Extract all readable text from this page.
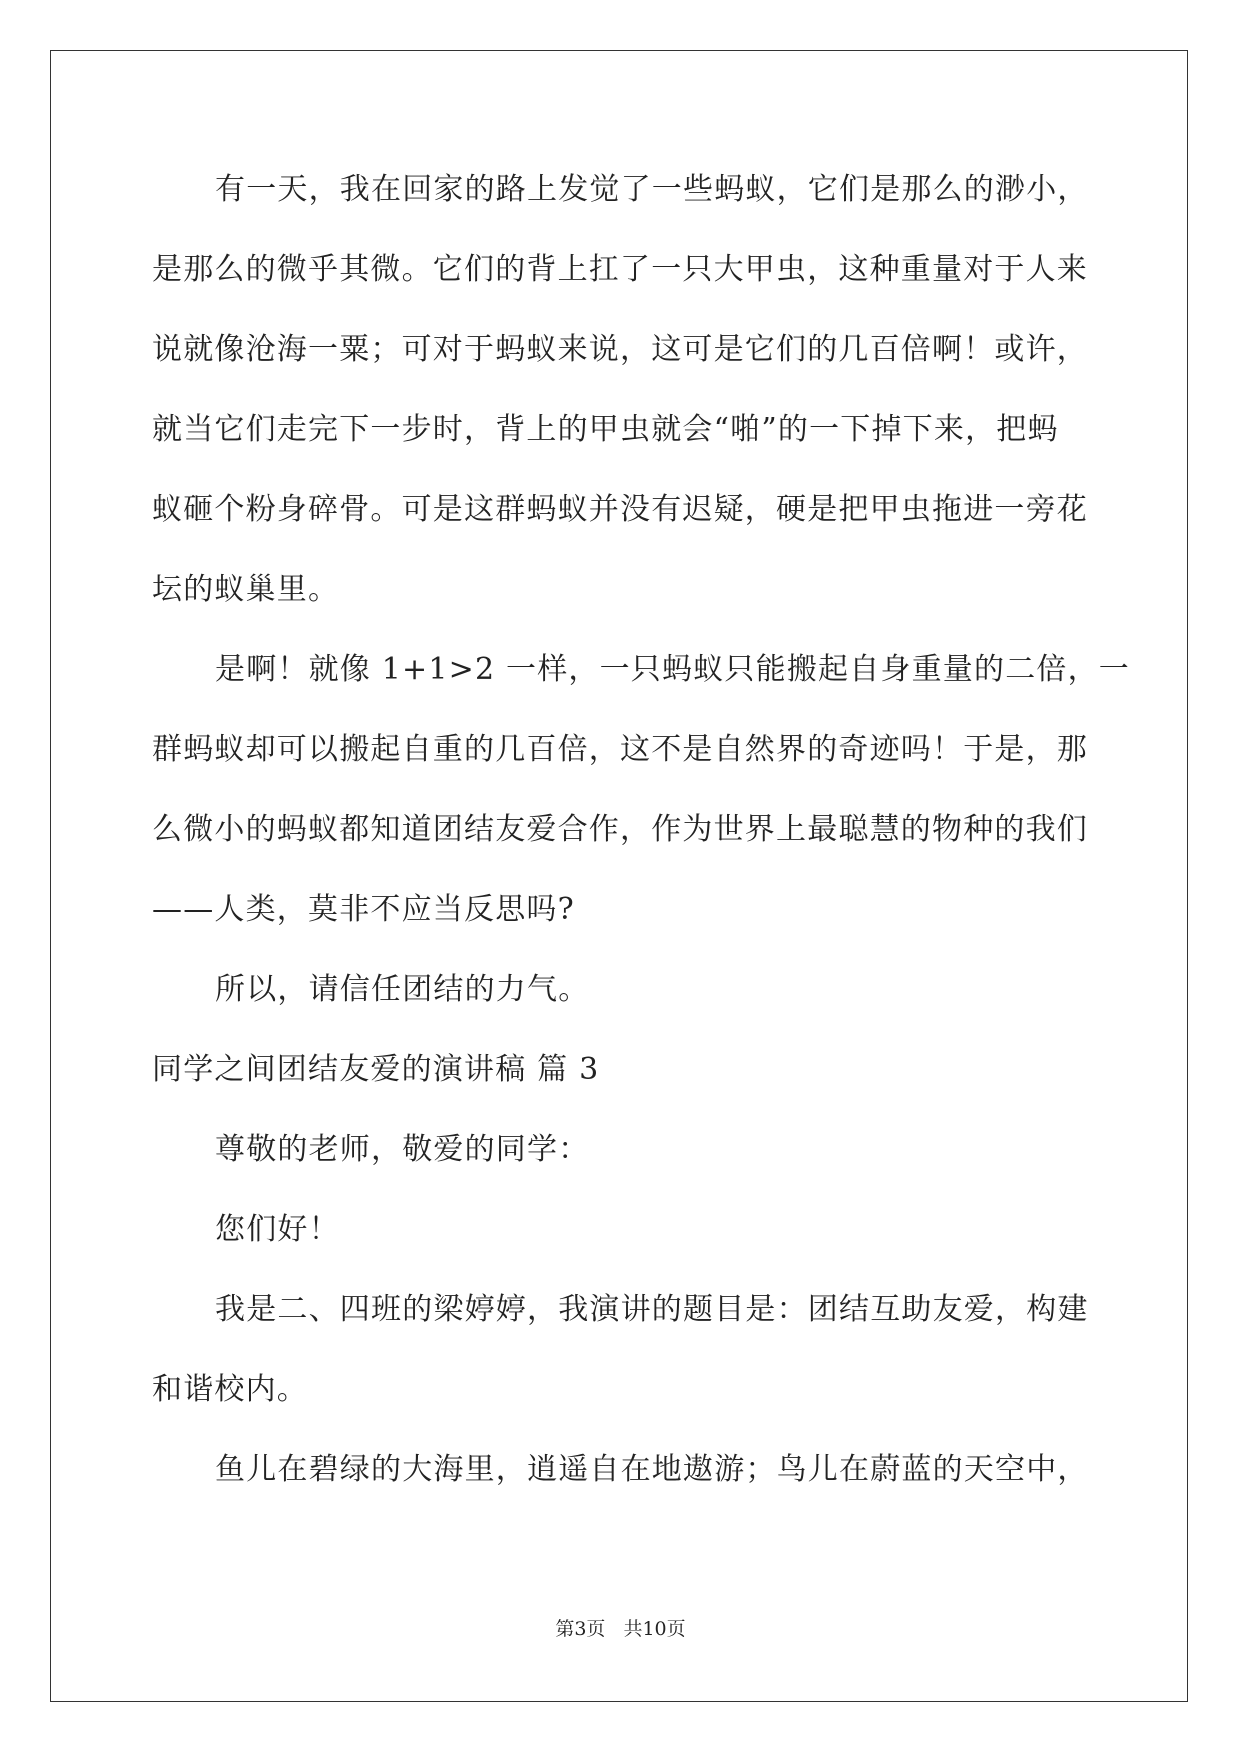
有一天，我在回家的路上发觉了一些蚂蚁，它们是那么的渺小，
是那么的微乎其微。它们的背上扛了一只大甲虫，这种重量对于人来
说就像沧海一粟；可对于蚂蚁来说，这可是它们的几百倍啊！或许，
就当它们走完下一步时，背上的甲虫就会“啪”的一下掉下来，把蚂
蚁砸个粉身碎骨。可是这群蚂蚁并没有迟疑，硬是把甲虫拖进一旁花
坛的蚁巢里。
是啊！就像 1+1>2 一样，一只蚂蚁只能搬起自身重量的二倍，一
群蚂蚁却可以搬起自重的几百倍，这不是自然界的奇迹吗！于是，那
么微小的蚂蚁都知道团结友爱合作，作为世界上最聪慧的物种的我们
——人类，莫非不应当反思吗?
所以，请信任团结的力气。
同学之间团结友爱的演讲稿 篇 3
尊敬的老师，敬爱的同学：
您们好！
我是二、四班的梁婷婷，我演讲的题目是：团结互助友爱，构建
和谐校内。
鱼儿在碧绿的大海里，逍遥自在地遨游；鸟儿在蔚蓝的天空中，
第3页 共10页
